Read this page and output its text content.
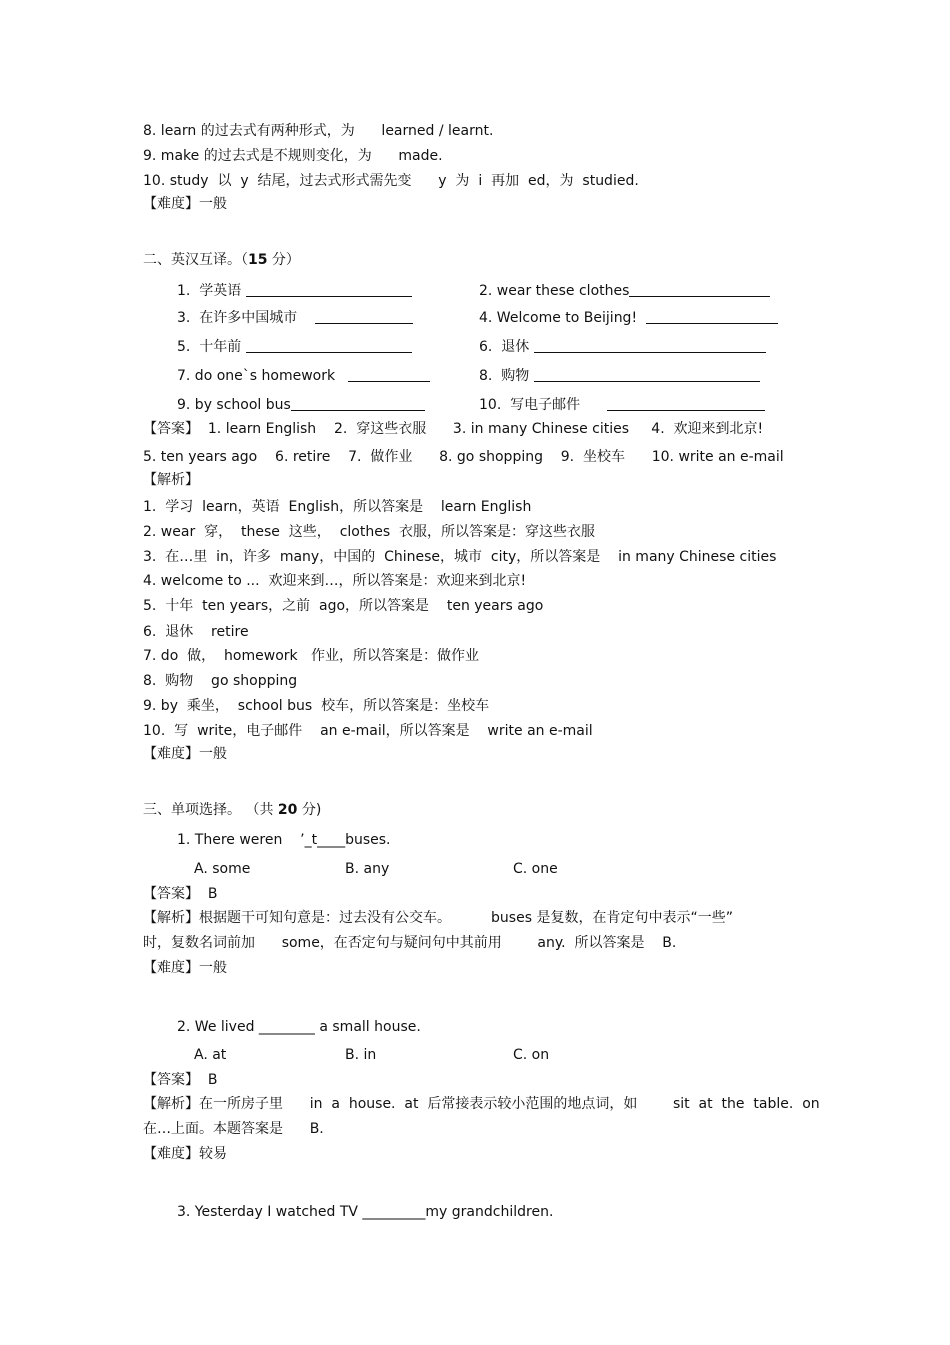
8. learn 的过去式有两种形式，为      learned / learnt.
9. make 的过去式是不规则变化，为      made.
10. study  以  y  结尾，过去式形式需先变      y  为  i  再加  ed，为  studied.
【难度】一般
二、英汉互译。（15 分）
1.  学英语	2. wear these clothes
3.  在许多中国城市	4. Welcome to Beijing!
5.  十年前	6.  退休
7. do one`s homework	8.  购物
9. by school bus	10.  写电子邮件
【答案】  1. learn English    2.  穿这些衣服      3. in many Chinese cities     4.  欢迎来到北京!
5. ten years ago    6. retire    7.  做作业      8. go shopping    9.  坐校车      10. write an e-mail
【解析】
1.  学习  learn，英语  English，所以答案是    learn English
2. wear  穿，  these  这些，  clothes  衣服，所以答案是：穿这些衣服
3.  在…里  in，许多  many，中国的  Chinese，城市  city，所以答案是    in many Chinese cities
4. welcome to ...  欢迎来到…，所以答案是：欢迎来到北京!
5.  十年  ten years，之前  ago，所以答案是    ten years ago
6.  退休    retire
7. do  做，  homework   作业，所以答案是：做作业
8.  购物    go shopping
9. by  乘坐，  school bus  校车，所以答案是：坐校车
10.  写  write，电子邮件    an e-mail，所以答案是    write an e-mail
【难度】一般
三、单项选择。 （共 20 分)
1. There weren    ’_t____buses.
A. some	B. any	C. one
【答案】  B
【解析】根据题干可知句意是：过去没有公交车。         buses 是复数，在肯定句中表示“一些”
时，复数名词前加      some，在否定句与疑问句中其前用        any.  所以答案是    B.
【难度】一般
2. We lived ________ a small house.
A. at	B. in	C. on
【答案】  B
【解析】在一所房子里      in  a  house.  at  后常接表示较小范围的地点词，如        sit  at  the  table.  on
在…上面。本题答案是      B.
【难度】较易
3. Yesterday I watched TV _________my grandchildren.
